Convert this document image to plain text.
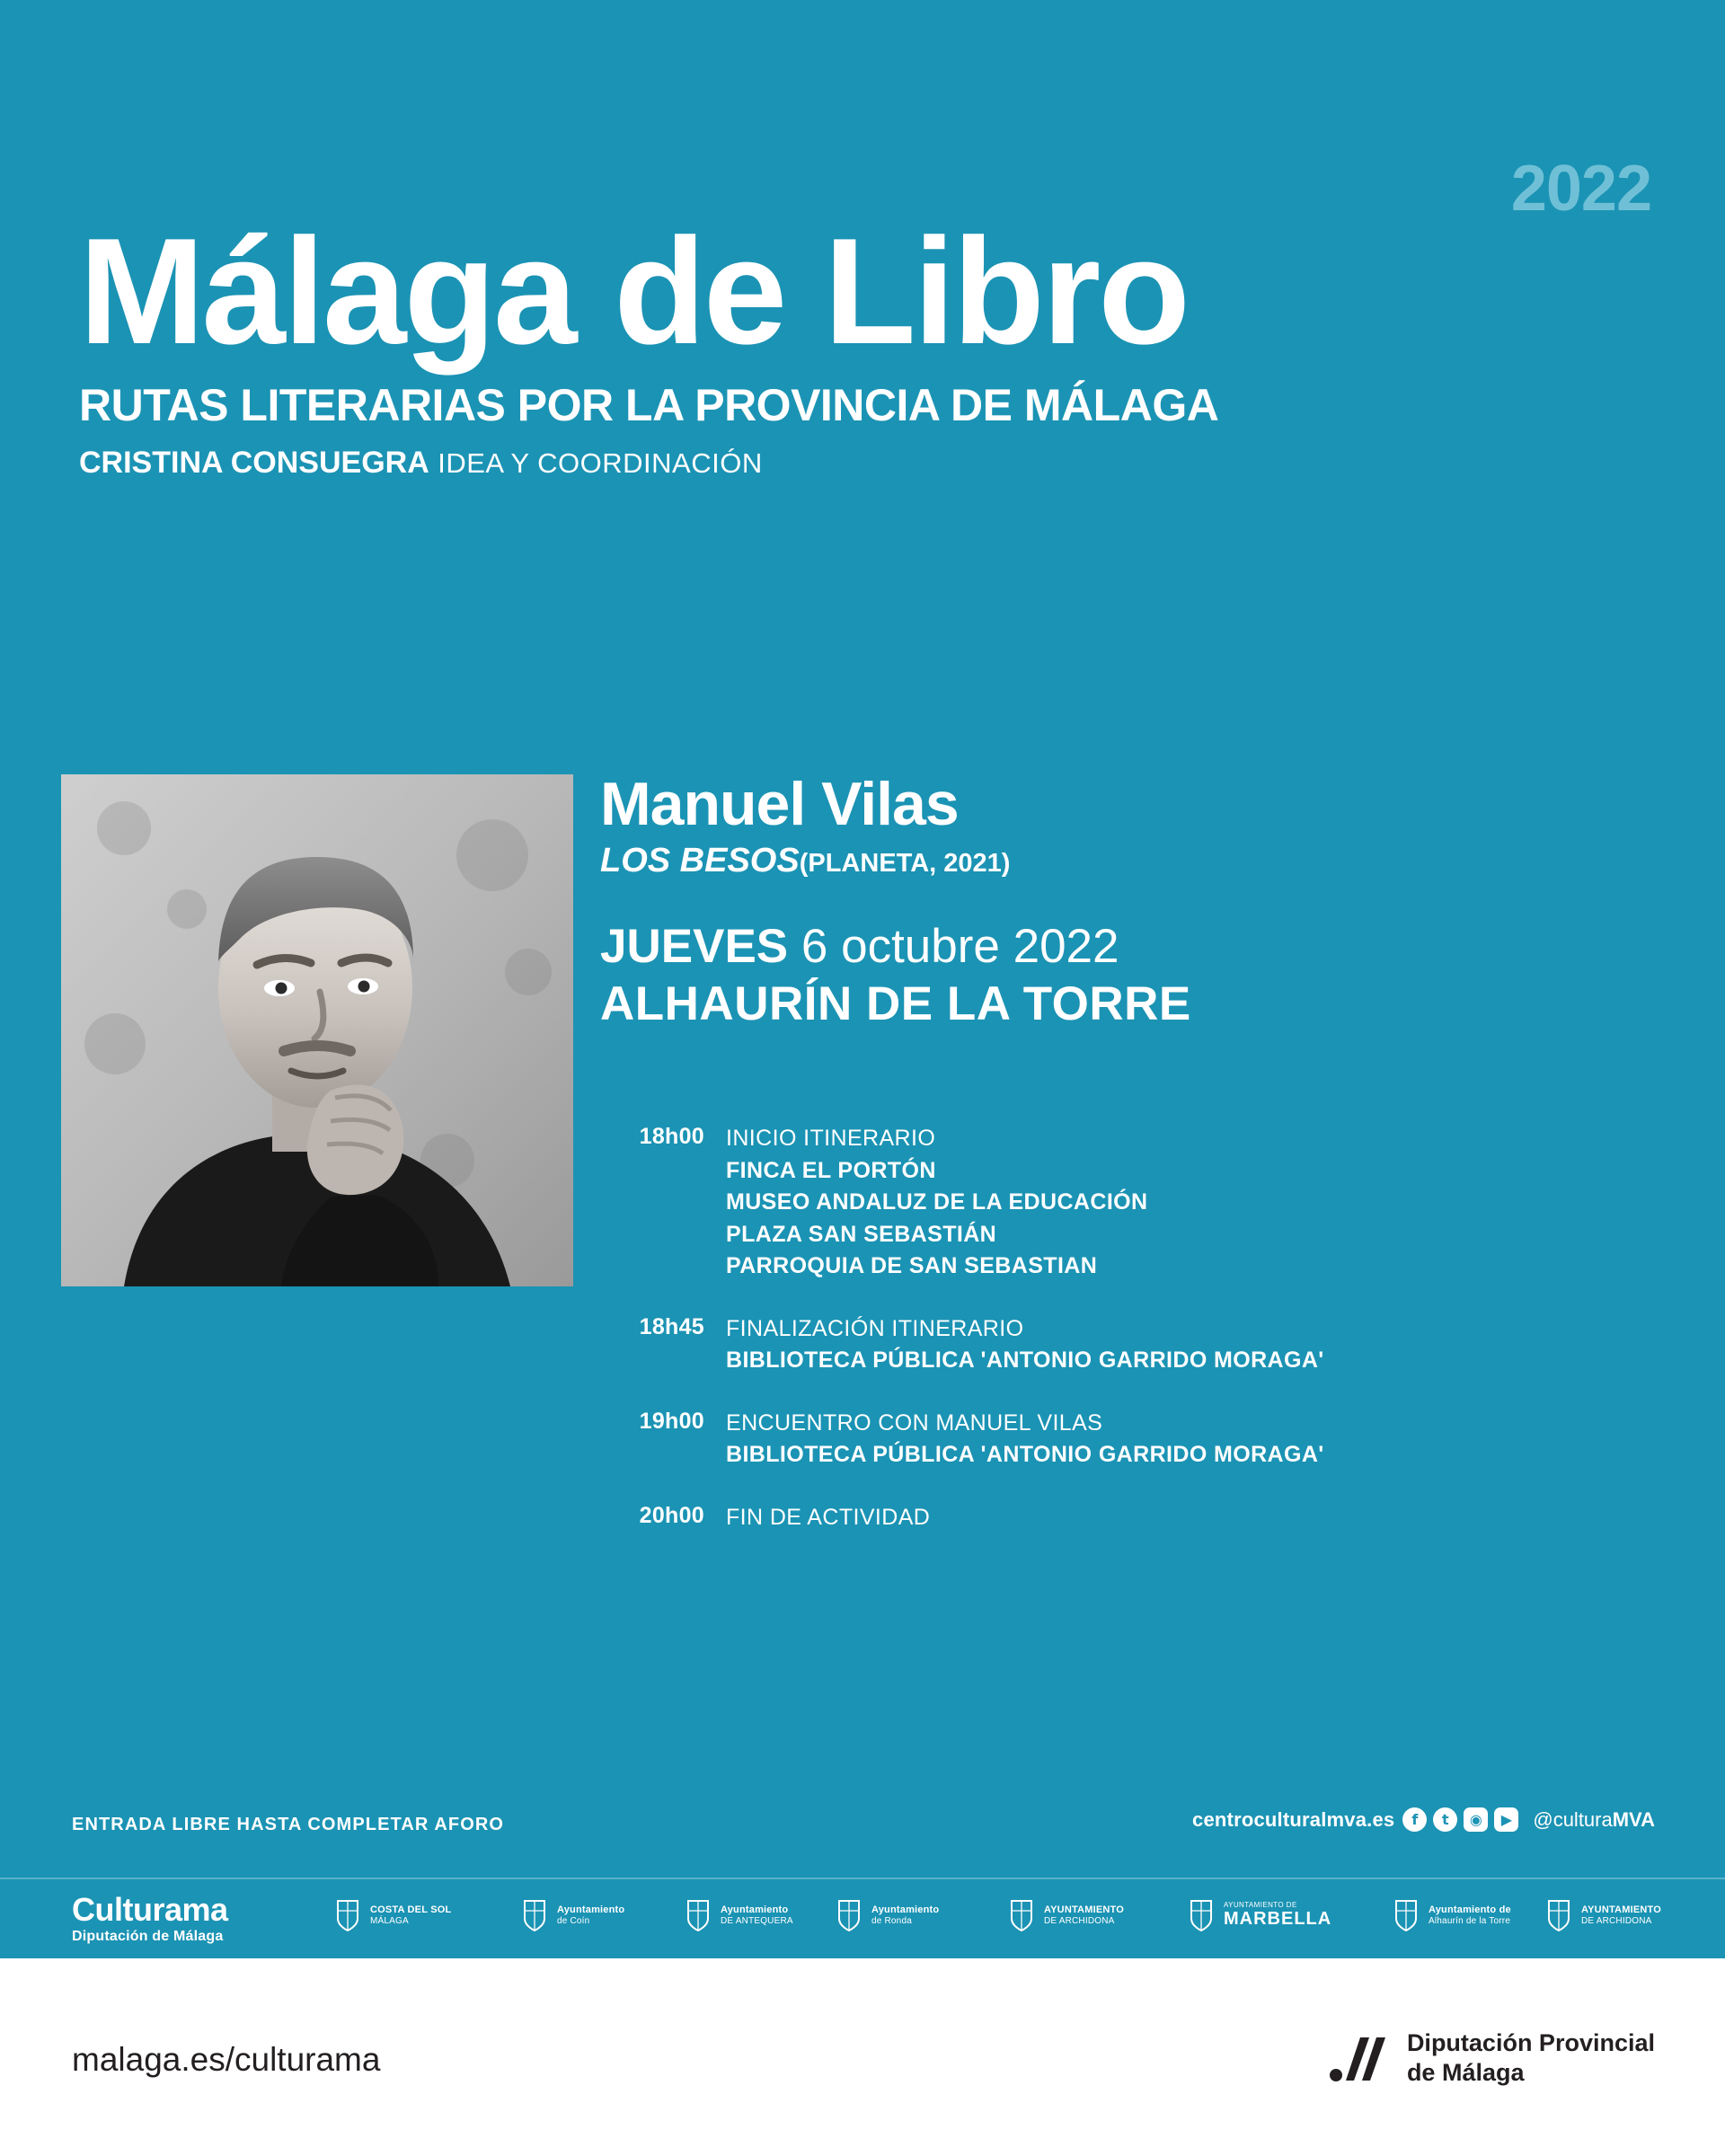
Málaga de Libro
2022
RUTAS LITERARIAS POR LA PROVINCIA DE MÁLAGA
CRISTINA CONSUEGRA IDEA Y COORDINACIÓN
Manuel Vilas
LOS BESOS(PLANETA, 2021)
JUEVES 6 octubre 2022
ALHAURÍN DE LA TORRE
18h00 INICIO ITINERARIO
FINCA EL PORTÓN
MUSEO ANDALUZ DE LA EDUCACIÓN
PLAZA SAN SEBASTIÁN
PARROQUIA DE SAN SEBASTIAN
18h45 FINALIZACIÓN ITINERARIO
BIBLIOTECA PÚBLICA 'ANTONIO GARRIDO MORAGA'
19h00 ENCUENTRO CON MANUEL VILAS
BIBLIOTECA PÚBLICA 'ANTONIO GARRIDO MORAGA'
20h00 FIN DE ACTIVIDAD
ENTRADA LIBRE HASTA COMPLETAR AFORO	centroculturalmva.es	f	t	◉	▶	@culturaMVA
Culturama
Diputación de Málaga
COSTA DEL SOL
MÁLAGA
Ayuntamiento
de Coín
Ayuntamiento
DE ANTEQUERA
Ayuntamiento
de Ronda
AYUNTAMIENTO
DE ARCHIDONA
AYUNTAMIENTO DE
MARBELLA	Ayuntamiento de
Alhaurín de la Torre
AYUNTAMIENTO
DE ARCHIDONA
malaga.es/culturama	Diputación Provincial
de Málaga
